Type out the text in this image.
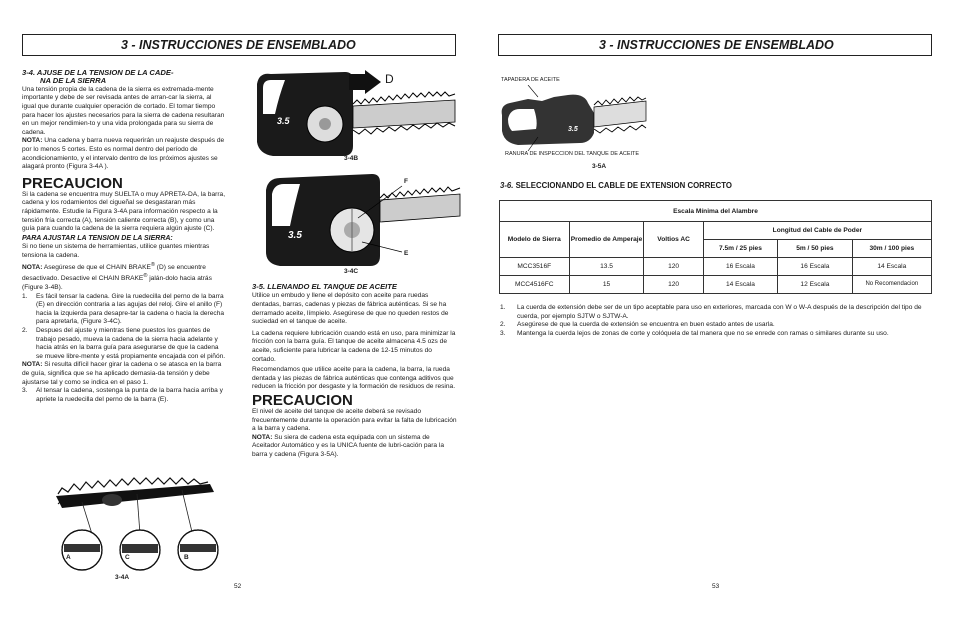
3 - INSTRUCCIONES DE ENSEMBLADO
3-4. AJUSE DE LA TENSION DE LA CADE-
NA DE LA SIERRA

Una tensión propia de la cadena de la sierra es extremada-mente importante y debe de ser revisada antes de arran-car la sierra, al igual que durante cualquier operación de cortado. El tomar tiempo para hacer los ajustes necesarios para la sierra de cadena resultaran en un mejor rendimien-to y una vida prolongada para su sierra de cadena.

NOTA: Una cadena y barra nueva requerirán un reajuste después de por lo menos 5 cortes. Esto es normal dentro del período de acondicionamiento, y el intervalo dentro de los próximos ajustes se alagará pronto (Figura 3-4A ).

PRECAUCION

Si la cadena se encuentra muy SUELTA o muy APRETA-DA, la barra, cadena y los rodamientos del cigueñal se desgastaran más rápidamente. Estudie la Figura 3-4A para información respecto a la tensión fría correcta (A), tensión caliente correcta (B), y como una guía para cuando la cadena de la sierra requiera algún ajuste (C).

PARA AJUSTAR LA TENSION DE LA SIERRA:

Si no tiene un sistema de herramientas, utilice guantes mientras tensiona la cadena.

NOTA: Asegúrese de que el CHAIN BRAKE® (D) se encuentre desactivado. Desactive el CHAIN BRAKE® jalán-dolo hacia atrás (Figure 3-4B).

1.	Es fácil tensar la cadena. Gire la ruedecilla del perno de la barra (E) en dirección contraria a las agujas del reloj. Gire el anillo (F) hacia la izquierda para desapre-tar la cadena o hacia la derecha para apretarla, (Figure 3-4C).
2.	Despues del ajuste y mientras tiene puestos los guantes de trabajo pesado, mueva la cadena de la sierra hacia adelante y hacia atrás en la barra guía para asegurarse de que la cadena se mueve libre-mente y está propiamente encajada con el piñón.

NOTA: Si resulta difícil hacer girar la cadena o se atasca en la barra de guía, significa que se ha aplicado demasia-da tensión y debe ajustarse tal y como se indica en el paso 1.

3.	Al tensar la cadena, sostenga la punta de la barra hacia arriba y apriete la ruedecilla del perno de la barra (E).
A	C	B
3-4A
3.5
D
3-4B
3.5
F
E
3-4C
3-5. LLENANDO EL TANQUE DE ACEITE

Utilice un embudo y llene el depósito con aceite para ruedas dentadas, barras, cadenas y piezas de fábrica auténticas. Si se ha derramado aceite, límpielo. Asegúrese de que no queden restos de suciedad en el tanque de aceite.

La cadena requiere lubricación cuando está en uso, para minimizar la fricción con la barra guía. El tanque de aceite almacena 4.5 ozs de aceite, suficiente para lubricar la cadena de 12-15 minutos do cortado.

Recomendamos que utilice aceite para la cadena, la barra, la rueda dentada y las piezas de fábrica auténticas que contenga aditivos que reducen la fricción por desgaste y la formación de residuos de resina.

PRECAUCION

El nivel de aceite del tanque de aceite deberá se revisado frecuentemente durante la operación para evitar la falta de lubricación a la barra y cadena.

NOTA: Su siera de cadena esta equipada con un sistema de Aceitador Automático y es la UNICA fuente de lubri-cación para la barra y cadena (Figura 3-5A).

52
3 - INSTRUCCIONES DE ENSEMBLADO
TAPADERA DE ACEITE
3.5
RANURA DE INSPECCION DEL TANQUE DE ACEITE
3-5A
3-6. SELECCIONANDO EL CABLE DE EXTENSION CORRECTO
Escala Mínima del Alambre					
Modelo de Sierra	Promedio de Amperaje	Voltios AC	Longitud del Cable de Poder		
			7.5m / 25 pies	5m / 50 pies	30m / 100 pies
MCC3516F	13.5	120	16 Escala	16 Escala	14 Escala
MCC4516FC	15	120	14 Escala	12 Escala	No Recomendacion
1.	La cuerda de extensión debe ser de un tipo aceptable para uso en exteriores, marcada con W o W-A después de la descripción del tipo de cuerda, por ejemplo SJTW o SJTW-A.
2.	Asegúrese de que la cuerda de extensión se encuentra en buen estado antes de usarla.
3.	Mantenga la cuerda lejos de zonas de corte y colóquela de tal manera que no se enrede con ramas o similares durante su uso.
53
